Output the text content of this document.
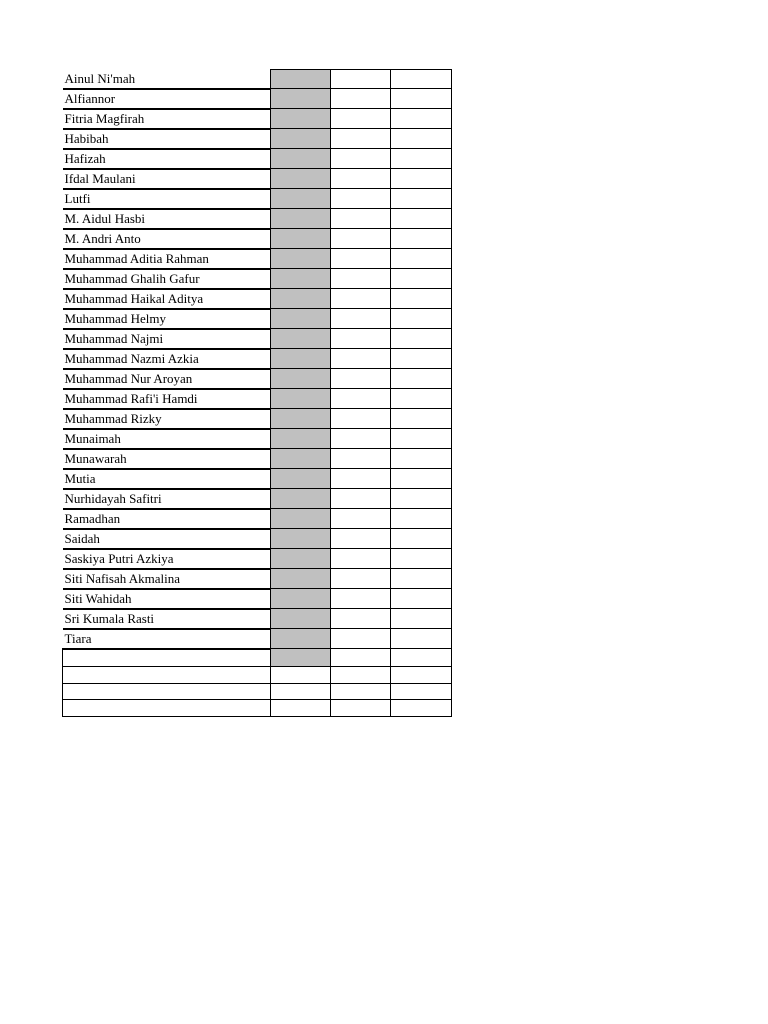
Ainul Ni'mah			
Alfiannor			
Fitria Magfirah			
Habibah			
Hafizah			
Ifdal Maulani			
Lutfi			
M. Aidul Hasbi			
M. Andri Anto			
Muhammad Aditia Rahman			
Muhammad Ghalih Gafur			
Muhammad Haikal Aditya			
Muhammad Helmy			
Muhammad Najmi			
Muhammad Nazmi Azkia			
Muhammad Nur Aroyan			
Muhammad Rafi'i Hamdi			
Muhammad Rizky			
Munaimah			
Munawarah			
Mutia			
Nurhidayah Safitri			
Ramadhan			
Saidah			
Saskiya Putri Azkiya			
Siti Nafisah Akmalina			
Siti Wahidah			
Sri Kumala Rasti			
Tiara			
